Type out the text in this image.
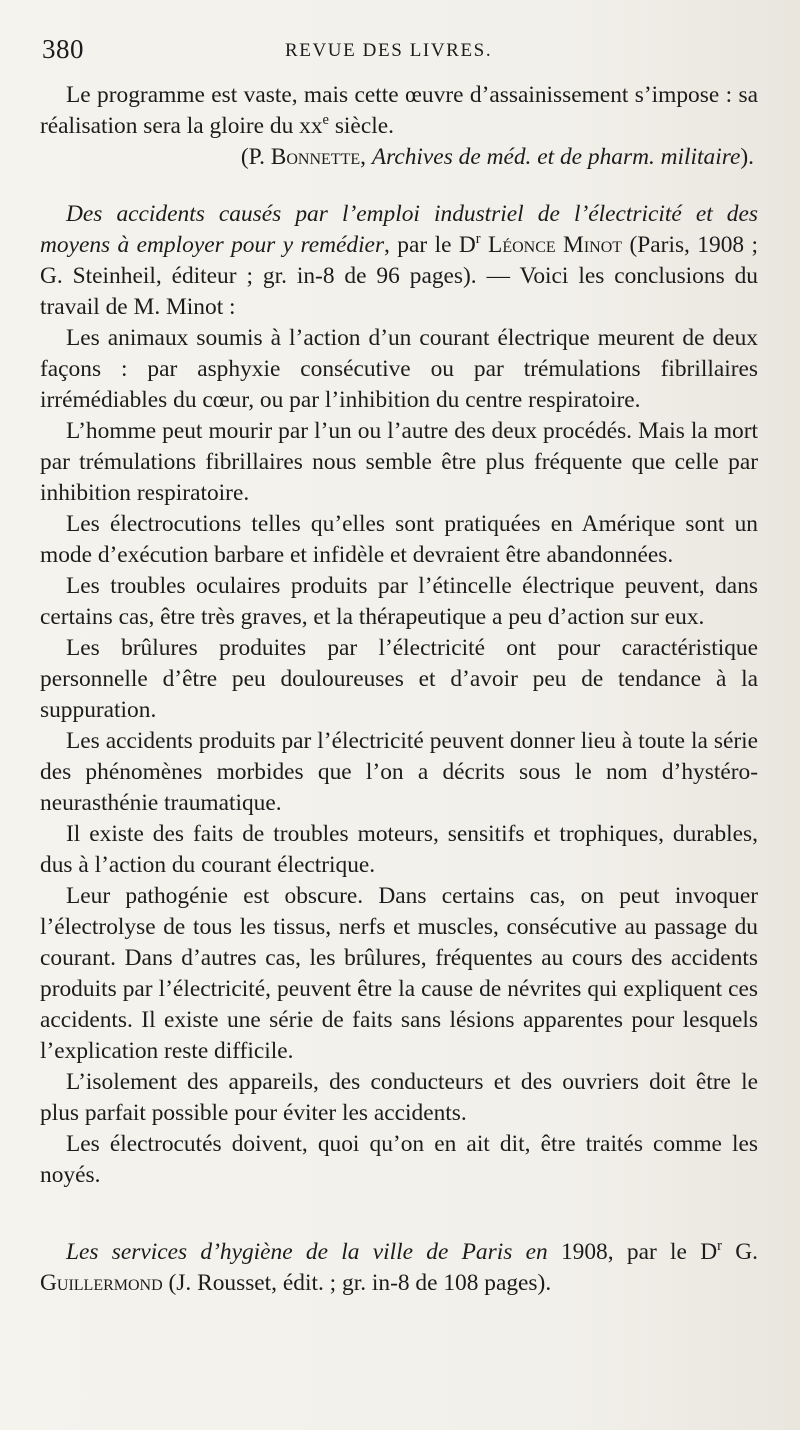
380	REVUE DES LIVRES.

Le programme est vaste, mais cette œuvre d’assainissement s’impose : sa réalisation sera la gloire du $xx^e$ siècle.

(P. Bonnette, Archives de méd. et de pharm. militaire).

Des accidents causés par l’emploi industriel de l’électricité et des moyens à employer pour y remédier, par le $D^r$ Léonce Minot (Paris, 1908 ; G. Steinheil, éditeur ; gr. in-8 de 96 pages). — Voici les conclusions du travail de M. Minot :

Les animaux soumis à l’action d’un courant électrique meurent de deux façons : par asphyxie consécutive ou par trémulations fibrillaires irrémédiables du cœur, ou par l’inhibition du centre respiratoire.

L’homme peut mourir par l’un ou l’autre des deux procédés. Mais la mort par trémulations fibrillaires nous semble être plus fréquente que celle par inhibition respiratoire.

Les électrocutions telles qu’elles sont pratiquées en Amérique sont un mode d’exécution barbare et infidèle et devraient être abandonnées.

Les troubles oculaires produits par l’étincelle électrique peuvent, dans certains cas, être très graves, et la thérapeutique a peu d’action sur eux.

Les brûlures produites par l’électricité ont pour caractéristique personnelle d’être peu douloureuses et d’avoir peu de tendance à la suppuration.

Les accidents produits par l’électricité peuvent donner lieu à toute la série des phénomènes morbides que l’on a décrits sous le nom d’hystéro-neurasthénie traumatique.

Il existe des faits de troubles moteurs, sensitifs et trophiques, durables, dus à l’action du courant électrique.

Leur pathogénie est obscure. Dans certains cas, on peut invoquer l’électrolyse de tous les tissus, nerfs et muscles, consécutive au passage du courant. Dans d’autres cas, les brûlures, fréquentes au cours des accidents produits par l’électricité, peuvent être la cause de névrites qui expliquent ces accidents. Il existe une série de faits sans lésions apparentes pour lesquels l’explication reste difficile.

L’isolement des appareils, des conducteurs et des ouvriers doit être le plus parfait possible pour éviter les accidents.

Les électrocutés doivent, quoi qu’on en ait dit, être traités comme les noyés.

Les services d’hygiène de la ville de Paris en 1908, par le $D^r$ G. Guillermond (J. Rousset, édit. ; gr. in-8 de 108 pages).
